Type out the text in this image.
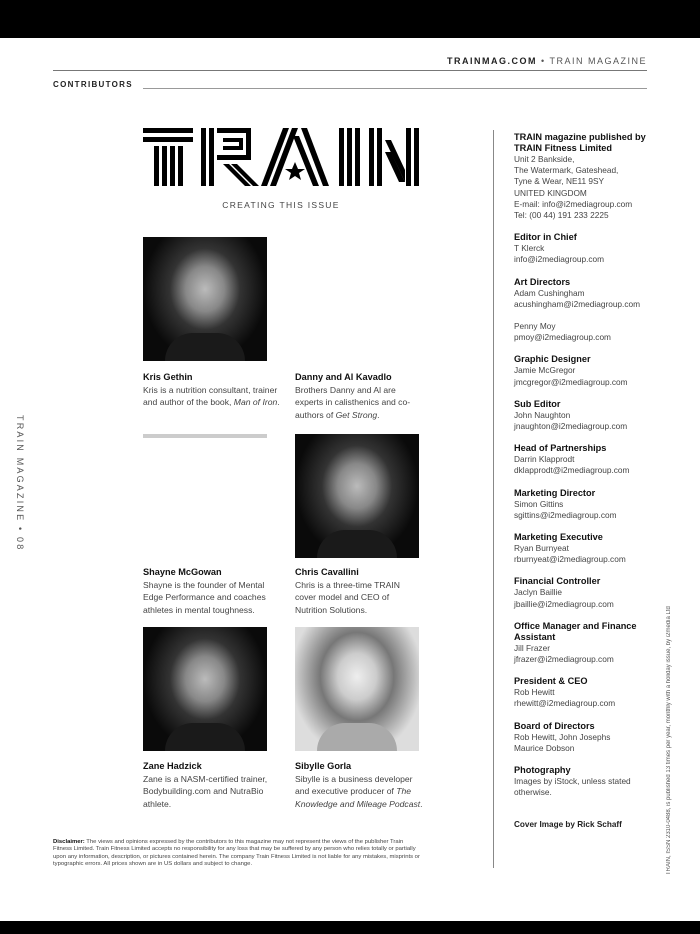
TRAINMAG.COM • TRAIN MAGAZINE
CONTRIBUTORS
CREATING THIS ISSUE
Kris Gethin
Kris is a nutrition consultant, trainer and author of the book, Man of Iron.
Danny and Al Kavadlo
Brothers Danny and Al are experts in calisthenics and co-authors of Get Strong.
Shayne McGowan
Shayne is the founder of Mental Edge Performance and coaches athletes in mental toughness.
Chris Cavallini
Chris is a three-time TRAIN cover model and CEO of Nutrition Solutions.
Zane Hadzick
Zane is a NASM-certified trainer, Bodybuilding.com and NutraBio athlete.
Sibylle Gorla
Sibylle is a business developer and executive producer of The Knowledge and Mileage Podcast.
TRAIN magazine published by TRAIN Fitness Limited
Unit 2 Bankside,
The Watermark, Gateshead,
Tyne & Wear, NE11 9SY
UNITED KINGDOM
E-mail: info@i2mediagroup.com
Tel: (00 44) 191 233 2225
Editor in Chief
T Klerck
info@i2mediagroup.com
Art Directors
Adam Cushingham
acushingham@i2mediagroup.com
Penny Moy
pmoy@i2mediagroup.com
Graphic Designer
Jamie McGregor
jmcgregor@i2mediagroup.com
Sub Editor
John Naughton
jnaughton@i2mediagroup.com
Head of Partnerships
Darrin Klapprodt
dklapprodt@i2mediagroup.com
Marketing Director
Simon Gittins
sgittins@i2mediagroup.com
Marketing Executive
Ryan Burnyeat
rburnyeat@i2mediagroup.com
Financial Controller
Jaclyn Baillie
jbaillie@i2mediagroup.com
Office Manager and Finance Assistant
Jill Frazer
jfrazer@i2mediagroup.com
President & CEO
Rob Hewitt
rhewitt@i2mediagroup.com
Board of Directors
Rob Hewitt, John Josephs
Maurice Dobson
Photography
Images by iStock, unless stated otherwise.
Cover Image by Rick Schaff
Disclaimer: The views and opinions expressed by the contributors to this magazine may not represent the views of the publisher Train Fitness Limited. Train Fitness Limited accepts no responsibility for any loss that may be suffered by any person who relies totally or partially upon any information, description, or pictures contained herein. The company Train Fitness Limited is not liable for any mistakes, misprints or typographic errors. All prices shown are in US dollars and subject to change.
TRAIN MAGAZINE • 08
TRAIN, ISSN 2310-0488, is published 13 times per year, monthly with a holiday issue, by i2media Ltd
